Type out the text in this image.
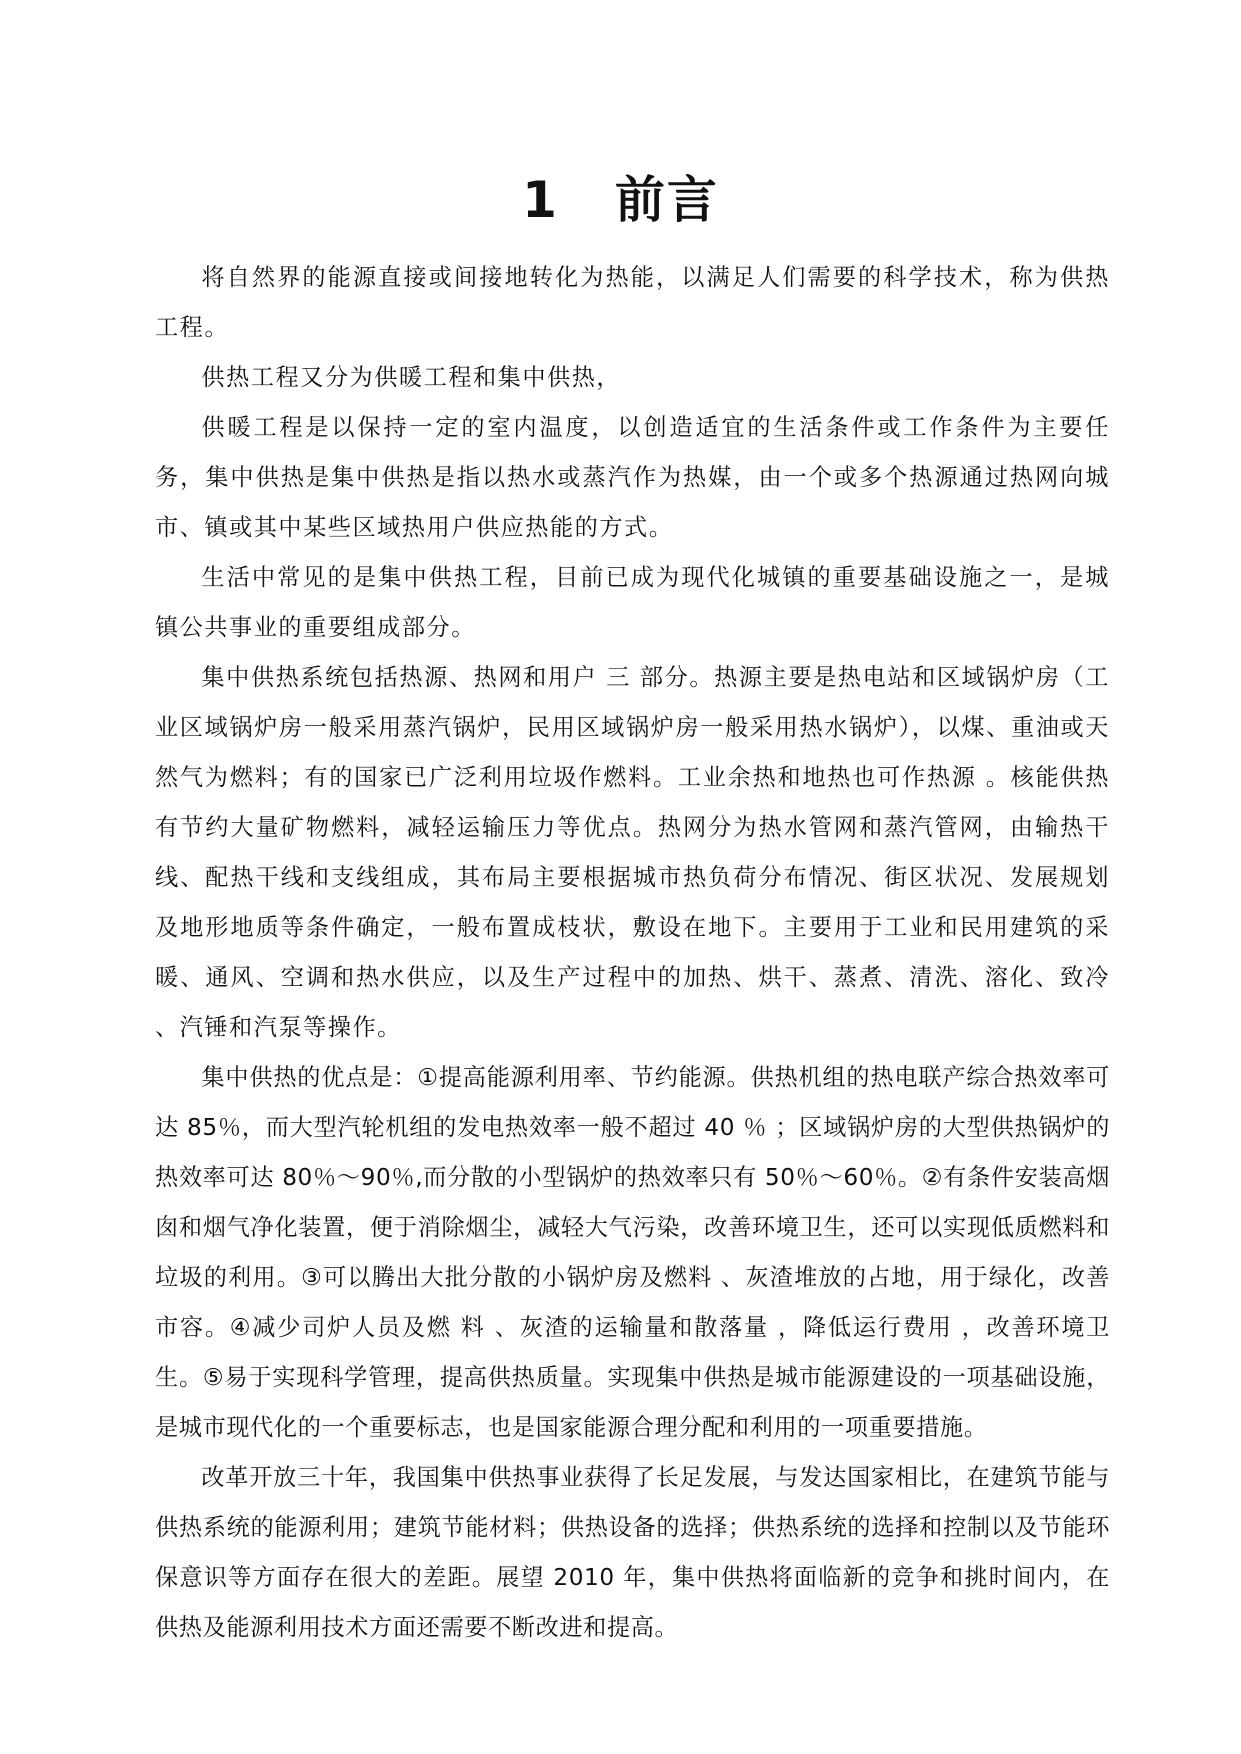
1 前言

将自然界的能源直接或间接地转化为热能，以满足人们需要的科学技术，称为供热工程。

供热工程又分为供暖工程和集中供热，

供暖工程是以保持一定的室内温度，以创造适宜的生活条件或工作条件为主要任务，集中供热是集中供热是指以热水或蒸汽作为热媒，由一个或多个热源通过热网向城市、镇或其中某些区域热用户供应热能的方式。

生活中常见的是集中供热工程，目前已成为现代化城镇的重要基础设施之一，是城镇公共事业的重要组成部分。

集中供热系统包括热源、热网和用户 三 部分。热源主要是热电站和区域锅炉房（工业区域锅炉房一般采用蒸汽锅炉，民用区域锅炉房一般采用热水锅炉），以煤、重油或天然气为燃料；有的国家已广泛利用垃圾作燃料。工业余热和地热也可作热源 。核能供热有节约大量矿物燃料，减轻运输压力等优点。热网分为热水管网和蒸汽管网，由输热干线、配热干线和支线组成，其布局主要根据城市热负荷分布情况、街区状况、发展规划及地形地质等条件确定，一般布置成枝状，敷设在地下。主要用于工业和民用建筑的采暖、通风、空调和热水供应，以及生产过程中的加热、烘干、蒸煮、清洗、溶化、致冷 、汽锤和汽泵等操作。

集中供热的优点是：①提高能源利用率、节约能源。供热机组的热电联产综合热效率可达 85％，而大型汽轮机组的发电热效率一般不超过 40 ％ ；区域锅炉房的大型供热锅炉的热效率可达 80％～90％,而分散的小型锅炉的热效率只有 50％～60％。②有条件安装高烟囱和烟气净化装置，便于消除烟尘，减轻大气污染，改善环境卫生，还可以实现低质燃料和垃圾的利用。③可以腾出大批分散的小锅炉房及燃料 、灰渣堆放的占地，用于绿化，改善市容。④减少司炉人员及燃 料 、灰渣的运输量和散落量 ，降低运行费用 ，改善环境卫生。⑤易于实现科学管理，提高供热质量。实现集中供热是城市能源建设的一项基础设施，是城市现代化的一个重要标志，也是国家能源合理分配和利用的一项重要措施。

改革开放三十年，我国集中供热事业获得了长足发展，与发达国家相比，在建筑节能与供热系统的能源利用；建筑节能材料；供热设备的选择；供热系统的选择和控制以及节能环保意识等方面存在很大的差距。展望 2010 年，集中供热将面临新的竞争和挑时间内，在供热及能源利用技术方面还需要不断改进和提高。
